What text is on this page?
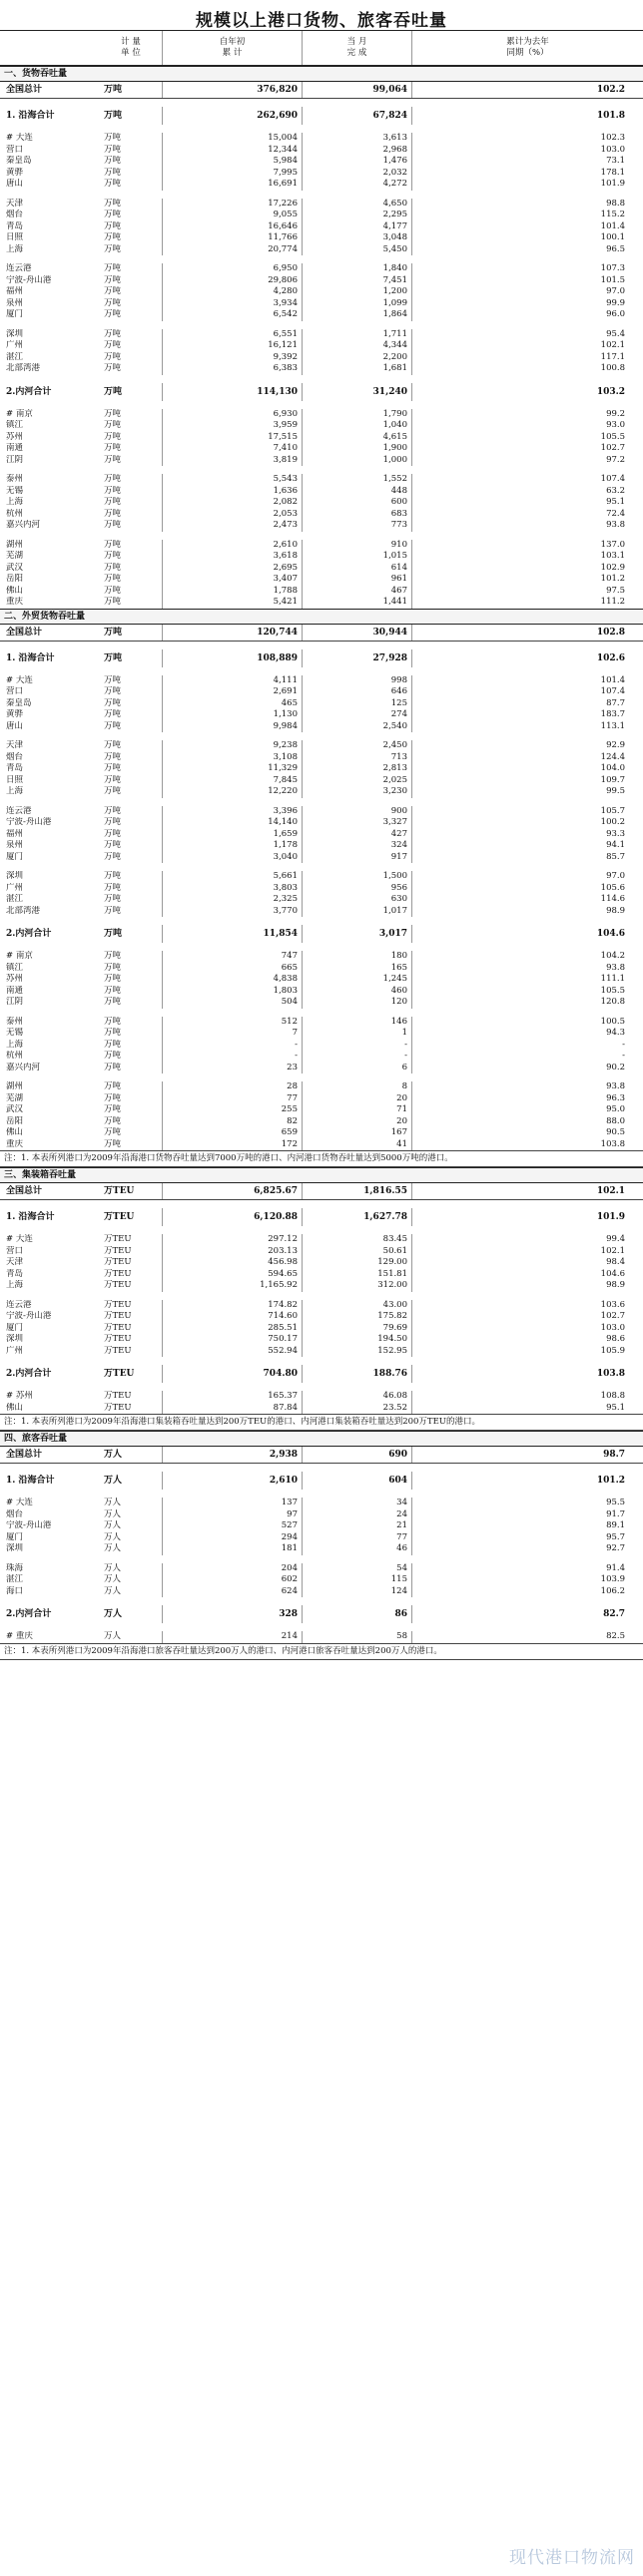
规模以上港口货物、旅客吞吐量
计 量
单 位
自年初
累 计
当 月
完 成
累计为去年
同期（%）
一、货物吞吐量
全国总计	万吨	376,820	99,064	102.2
1. 沿海合计	万吨	262,690	67,824	101.8
# 大连	万吨	15,004	3,613	102.3
营口	万吨	12,344	2,968	103.0
秦皇岛	万吨	5,984	1,476	73.1
黄骅	万吨	7,995	2,032	178.1
唐山	万吨	16,691	4,272	101.9
天津	万吨	17,226	4,650	98.8
烟台	万吨	9,055	2,295	115.2
青岛	万吨	16,646	4,177	101.4
日照	万吨	11,766	3,048	100.1
上海	万吨	20,774	5,450	96.5
连云港	万吨	6,950	1,840	107.3
宁波-舟山港	万吨	29,806	7,451	101.5
福州	万吨	4,280	1,200	97.0
泉州	万吨	3,934	1,099	99.9
厦门	万吨	6,542	1,864	96.0
深圳	万吨	6,551	1,711	95.4
广州	万吨	16,121	4,344	102.1
湛江	万吨	9,392	2,200	117.1
北部湾港	万吨	6,383	1,681	100.8
2.内河合计	万吨	114,130	31,240	103.2
# 南京	万吨	6,930	1,790	99.2
镇江	万吨	3,959	1,040	93.0
苏州	万吨	17,515	4,615	105.5
南通	万吨	7,410	1,900	102.7
江阴	万吨	3,819	1,000	97.2
泰州	万吨	5,543	1,552	107.4
无锡	万吨	1,636	448	63.2
上海	万吨	2,082	600	95.1
杭州	万吨	2,053	683	72.4
嘉兴内河	万吨	2,473	773	93.8
湖州	万吨	2,610	910	137.0
芜湖	万吨	3,618	1,015	103.1
武汉	万吨	2,695	614	102.9
岳阳	万吨	3,407	961	101.2
佛山	万吨	1,788	467	97.5
重庆	万吨	5,421	1,441	111.2
二、外贸货物吞吐量
全国总计	万吨	120,744	30,944	102.8
1. 沿海合计	万吨	108,889	27,928	102.6
# 大连	万吨	4,111	998	101.4
营口	万吨	2,691	646	107.4
秦皇岛	万吨	465	125	87.7
黄骅	万吨	1,130	274	183.7
唐山	万吨	9,984	2,540	113.1
天津	万吨	9,238	2,450	92.9
烟台	万吨	3,108	713	124.4
青岛	万吨	11,329	2,813	104.0
日照	万吨	7,845	2,025	109.7
上海	万吨	12,220	3,230	99.5
连云港	万吨	3,396	900	105.7
宁波-舟山港	万吨	14,140	3,327	100.2
福州	万吨	1,659	427	93.3
泉州	万吨	1,178	324	94.1
厦门	万吨	3,040	917	85.7
深圳	万吨	5,661	1,500	97.0
广州	万吨	3,803	956	105.6
湛江	万吨	2,325	630	114.6
北部湾港	万吨	3,770	1,017	98.9
2.内河合计	万吨	11,854	3,017	104.6
# 南京	万吨	747	180	104.2
镇江	万吨	665	165	93.8
苏州	万吨	4,838	1,245	111.1
南通	万吨	1,803	460	105.5
江阴	万吨	504	120	120.8
泰州	万吨	512	146	100.5
无锡	万吨	7	1	94.3
上海	万吨	-	-	-
杭州	万吨	-	-	-
嘉兴内河	万吨	23	6	90.2
湖州	万吨	28	8	93.8
芜湖	万吨	77	20	96.3
武汉	万吨	255	71	95.0
岳阳	万吨	82	20	88.0
佛山	万吨	659	167	90.5
重庆	万吨	172	41	103.8
注：1. 本表所列港口为2009年沿海港口货物吞吐量达到7000万吨的港口、内河港口货物吞吐量达到5000万吨的港口。
三、集装箱吞吐量
全国总计	万TEU	6,825.67	1,816.55	102.1
1. 沿海合计	万TEU	6,120.88	1,627.78	101.9
# 大连	万TEU	297.12	83.45	99.4
营口	万TEU	203.13	50.61	102.1
天津	万TEU	456.98	129.00	98.4
青岛	万TEU	594.65	151.81	104.6
上海	万TEU	1,165.92	312.00	98.9
连云港	万TEU	174.82	43.00	103.6
宁波-舟山港	万TEU	714.60	175.82	102.7
厦门	万TEU	285.51	79.69	103.0
深圳	万TEU	750.17	194.50	98.6
广州	万TEU	552.94	152.95	105.9
2.内河合计	万TEU	704.80	188.76	103.8
# 苏州	万TEU	165.37	46.08	108.8
佛山	万TEU	87.84	23.52	95.1
注：1. 本表所列港口为2009年沿海港口集装箱吞吐量达到200万TEU的港口、内河港口集装箱吞吐量达到200万TEU的港口。
四、旅客吞吐量
全国总计	万人	2,938	690	98.7
1. 沿海合计	万人	2,610	604	101.2
# 大连	万人	137	34	95.5
烟台	万人	97	24	91.7
宁波-舟山港	万人	527	21	89.1
厦门	万人	294	77	95.7
深圳	万人	181	46	92.7
珠海	万人	204	54	91.4
湛江	万人	602	115	103.9
海口	万人	624	124	106.2
2.内河合计	万人	328	86	82.7
# 重庆	万人	214	58	82.5
注：1. 本表所列港口为2009年沿海港口旅客吞吐量达到200万人的港口、内河港口旅客吞吐量达到200万人的港口。
现代港口物流网
